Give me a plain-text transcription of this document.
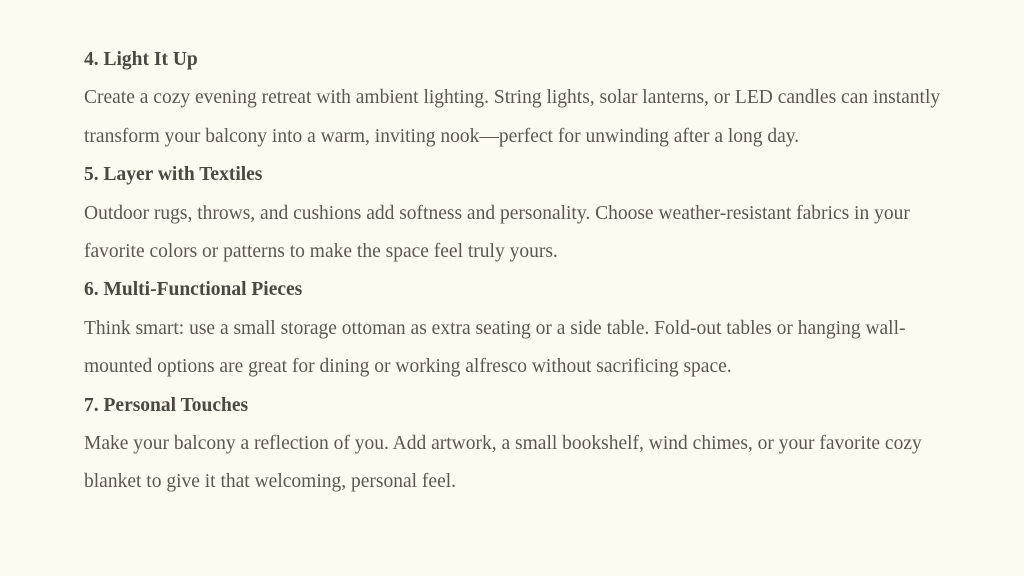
4. Light It Up

Create a cozy evening retreat with ambient lighting. String lights, solar lanterns, or LED candles can instantly transform your balcony into a warm, inviting nook—perfect for unwinding after a long day.

5. Layer with Textiles

Outdoor rugs, throws, and cushions add softness and personality. Choose weather-resistant fabrics in your favorite colors or patterns to make the space feel truly yours.

6. Multi-Functional Pieces

Think smart: use a small storage ottoman as extra seating or a side table. Fold-out tables or hanging wall-mounted options are great for dining or working alfresco without sacrificing space.

7. Personal Touches

Make your balcony a reflection of you. Add artwork, a small bookshelf, wind chimes, or your favorite cozy blanket to give it that welcoming, personal feel.
